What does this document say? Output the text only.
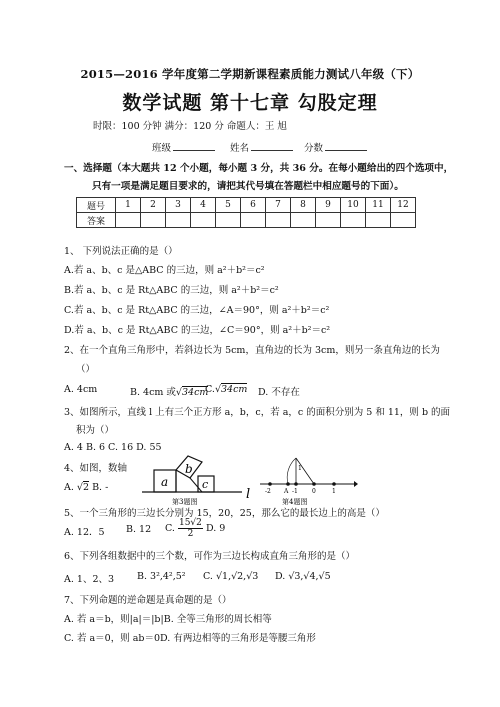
2015—2016 学年度第二学期新课程素质能力测试八年级（下）
数学试题 第十七章 勾股定理
时限：100 分钟 满分：120 分 命题人：王 旭
班级	姓名	分数
一、选择题（本大题共 12 个小题，每小题 3 分，共 36 分。在每小题给出的四个选项中，
只有一项是满足题目要求的，请把其代号填在答题栏中相应题号的下面）。
题号	1	2	3	4	5	6	7	8	9	10	11	12
答案												
1、 下列说法正确的是（）
A.若 a、b、c 是△ABC 的三边，则 a²＋b²＝c²
B.若 a、b、c 是 Rt△ABC 的三边，则 a²＋b²＝c²
C.若 a、b、c 是 Rt△ABC 的三边，∠A＝90°，则 a²＋b²＝c²
D.若 a、b、c 是 Rt△ABC 的三边，∠C＝90°，则 a²＋b²＝c²
2、在一个直角三角形中，若斜边长为 5cm，直角边的长为 3cm，则另一条直角边的长为
（）
A. 4cm	B. 4cm 或√34cm
C.√34cm D. 不存在
3、如图所示，直线 l 上有三个正方形 a，b，c，若 a，c 的面积分别为 5 和 11，则 b 的面
积为（）
A. 4 B. 6 C. 16 D. 55
4、如图，数轴
A. √2 B. -	a
b
c
l
第3题图
1
-2 A -1 0	1
第4题图
5、一个三角形的三边长分别为 15，20，25，那么它的最长边上的高是（）
A. 12．5 B. 12 C. $\frac{15√2}{2} D$. 9
6、下列各组数据中的三个数，可作为三边长构成直角三角形的是（）
A. 1、2、3 B. 3²,4²,5² C. √1,√2,√3 D. √3,√4,√5
7、下列命题的逆命题是真命题的是（）
A. 若 a＝b，则|a|＝|b|B. 全等三角形的周长相等
C. 若 a＝0，则 ab＝0D. 有两边相等的三角形是等腰三角形
